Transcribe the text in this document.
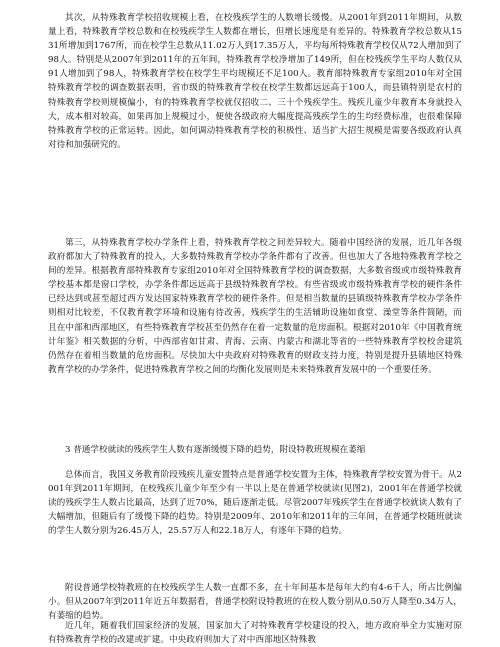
其次，从特殊教育学校招收规模上看，在校残疾学生的人数增长缓慢。从2001年到2011年期间，从数量上看，特殊教育学校总数和在校残疾学生人数都在增长，但增长速度是有差异的。特殊教育学校总数从1531所增加到1767所，而在校学生总数从11.02万人到17.35万人，平均每所特殊教育学校仅从72人增加到了98人。特别是从2007年到2011年的五年间，特殊教育学校净增加了149所，但在校残疾学生平均人数仅从91人增加到了98人，特殊教育学校在校学生平均规模还不足100人。教育部特殊教育专家组2010年对全国特殊教育学校的调查数据表明，省市级的特殊教育学校在校学生数都远远高于100人，而县镇特别是农村的特殊教育学校则规模偏小，有的特殊教育学校就仅招收二、三十个残疾学生。残疾儿童少年教育本身就投入大，成本相对较高，如果再加上规模过小，便使各级政府大幅度提高残疾学生的生均经费标准，也很难保障特殊教育学校的正常运转。因此，如何调动特殊教育学校的积极性、适当扩大招生规模是需要各级政府认真对待和加强研究的。

第三，从特殊教育学校办学条件上看，特殊教育学校之间差异较大。随着中国经济的发展，近几年各级政府都加大了特殊教育的投入，大多数特殊教育学校办学条件都有了改善。但也加大了各地特殊教育学校之间的差异。根据教育部特殊教育专家组2010年对全国特殊教育学校的调查数据，大多数省级或市级特殊教育学校基本都是窗口学校，办学条件都远远高于县级特殊教育学校。有些省级或市级特殊教育学校的硬件条件已经达到或甚至超过西方发达国家特殊教育学校的硬件条件。但是相当数量的县镇级特殊教育学校办学条件则相对比较差，不仅教育教学环境和设施有待改善，残疾学生的生活辅助设施如食堂、澡堂等条件简陋，而且在中部和西部地区，有些特殊教育学校甚至仍然存在着一定数量的危房面积。根据对2010年《中国教育统计年鉴》相关数据的分析，中西部省如甘肃、青海、云南、内蒙古和湖北等省的一些特殊教育学校校舍建筑仍然存在着相当数量的危房面积。尽快加大中央政府对特殊教育的财政支持力度，特别是提升县镇地区特殊教育学校的办学条件，促进特殊教育学校之间的均衡化发展则是未来特殊教育发展中的一个重要任务。

3 普通学校就读的残疾学生人数有逐渐缓慢下降的趋势，附设特教班规模在萎缩

总体而言，我国义务教育阶段残疾儿童安置特点是普通学校安置为主体，特殊教育学校安置为骨干。从2001年到2011年期间，在校残疾儿童少年至少有一半以上是在普通学校就读(见图2)，2001年在普通学校就读的残疾学生人数占比最高，达到了近70%，随后逐渐走低。尽管2007年残疾学生在普通学校就读人数有了大幅增加，但随后有了缓慢下降的趋势。特别是2009年、2010年和2011年的三年间，在普通学校随班就读的学生人数分别为26.45万人，25.57万人和22.18万人，有逐年下降的趋势。

附设普通学校特教班的在校残疾学生人数一直都不多，在十年间基本是每年大约有4-6千人，所占比例偏小。但从2007年到2011年近五年数据看，普通学校附设特教班的在校人数分别从0.50万人降至0.34万人，有萎缩的趋势。

近几年，随着我们国家经济的发展，国家加大了对特殊教育学校建设的投入，地方政府举全力实施对原有特殊教育学校的改建或扩建。中央政府则加大了对中西部地区特殊教
